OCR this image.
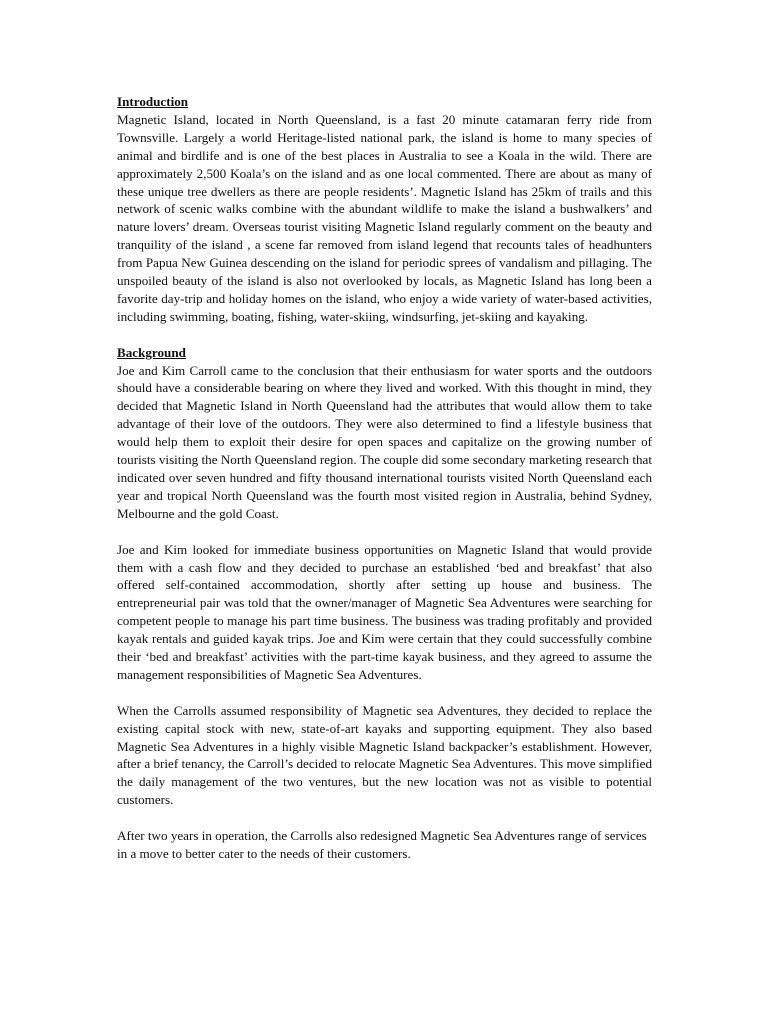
Introduction

Magnetic Island, located in North Queensland, is a fast 20 minute catamaran ferry ride from Townsville. Largely a world Heritage-listed national park, the island is home to many species of animal and birdlife and is one of the best places in Australia to see a Koala in the wild. There are approximately 2,500 Koala’s on the island and as one local commented. There are about as many of these unique tree dwellers as there are people residents’. Magnetic Island has 25km of trails and this network of scenic walks combine with the abundant wildlife to make the island a bushwalkers’ and nature lovers’ dream. Overseas tourist visiting Magnetic Island regularly comment on the beauty and tranquility of the island , a scene far removed from island legend that recounts tales of headhunters from Papua New Guinea descending on the island for periodic sprees of vandalism and pillaging. The unspoiled beauty of the island is also not overlooked by locals, as Magnetic Island has long been a favorite day-trip and holiday homes on the island, who enjoy a wide variety of water-based activities, including swimming, boating, fishing, water-skiing, windsurfing, jet-skiing and kayaking.

Background

Joe and Kim Carroll came to the conclusion that their enthusiasm for water sports and the outdoors should have a considerable bearing on where they lived and worked. With this thought in mind, they decided that Magnetic Island in North Queensland had the attributes that would allow them to take advantage of their love of the outdoors. They were also determined to find a lifestyle business that would help them to exploit their desire for open spaces and capitalize on the growing number of tourists visiting the North Queensland region. The couple did some secondary marketing research that indicated over seven hundred and fifty thousand international tourists visited North Queensland each year and tropical North Queensland was the fourth most visited region in Australia, behind Sydney, Melbourne and the gold Coast.

Joe and Kim looked for immediate business opportunities on Magnetic Island that would provide them with a cash flow and they decided to purchase an established ‘bed and breakfast’ that also offered self-contained accommodation, shortly after setting up house and business. The entrepreneurial pair was told that the owner/manager of Magnetic Sea Adventures were searching for competent people to manage his part time business. The business was trading profitably and provided kayak rentals and guided kayak trips. Joe and Kim were certain that they could successfully combine their ‘bed and breakfast’ activities with the part-time kayak business, and they agreed to assume the management responsibilities of Magnetic Sea Adventures.

When the Carrolls assumed responsibility of Magnetic sea Adventures, they decided to replace the existing capital stock with new, state-of-art kayaks and supporting equipment. They also based Magnetic Sea Adventures in a highly visible Magnetic Island backpacker’s establishment. However, after a brief tenancy, the Carroll’s decided to relocate Magnetic Sea Adventures. This move simplified the daily management of the two ventures, but the new location was not as visible to potential customers.

After two years in operation, the Carrolls also redesigned Magnetic Sea Adventures range of services in a move to better cater to the needs of their customers.
